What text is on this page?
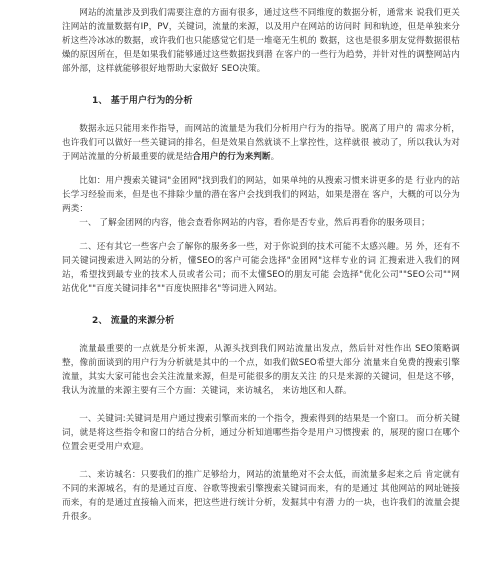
网站的流量涉及到我们需要注意的方面有很多，通过这些不同维度的数据分析，通常来 说我们更关注网站的流量数据有IP，PV，关键词，流量的来源，以及用户在网站的访问时 间和轨迹，但是单独来分析这些冷冰冰的数据，或许我们也只能感觉它们是一堆毫无生机的 数据，这也是很多朋友觉得数据很枯燥的原因所在，但是如果我们能够通过这些数据找到潜 在客户的一些行为趋势，并针对性的调整网站内部外部，这样就能够很好地帮助大家做好 SEO决策。

1、 基于用户行为的分析

数据永远只能用来作指导，而网站的流量是为我们分析用户行为的指导。脱离了用户的 需求分析，也许我们可以做好一些关键词的排名，但是效果自然就谈不上掌控性，这样就很 被动了，所以我认为对于网站流量的分析最重要的就是结合用户的行为来判断。

比如：用户搜索关键词"金团网"找到我们的网站，如果单纯的从搜索习惯来讲更多的是 行业内的站长学习经验而来，但是也不排除少量的潜在客户会找到我们的网站，如果是潜在 客户，大概的可以分为两类：

一、 了解金团网的内容，他会查看你网站的内容，看你是否专业，然后再看你的服务项目；

二、还有其它一些客户会了解你的服务多一些，对于你说到的技术可能不太感兴趣。另 外，还有不同关键词搜索进入网站的分析，懂SEO的客户可能会选择"金团网"这样专业的词 汇搜索进入我们的网站，希望找到最专业的技术人员或者公司；而不太懂SEO的朋友可能 会选择"优化公司""SEO公司""网站优化""百度关键词排名""百度快照排名"等词进入网站。

2、 流量的来源分析

流量最重要的一点就是分析来源，从源头找到我们网站流量出发点，然后针对性作出 SEO策略调整，像前面谈到的用户行为分析就是其中的一个点，如我们做SEO希望大部分 流量来自免费的搜索引擎流量，其实大家可能也会关注流量来源，但是可能很多的朋友关注 的只是来源的关键词，但是这不够，我认为流量的来源主要有三个方面：关键词，来访城名， 来访地区和人群。

一、关键词:关键词是用户通过搜索引擎而来的一个指令，搜索得到的结果是一个窗口。 而分析关键词，就是将这些指令和窗口的结合分析，通过分析知道哪些指令是用户习惯搜索 的，展现的窗口在哪个位置会更受用户欢迎。

二、来访城名：只要我们的推广足够给力，网站的流量绝对不会太低，而流量多起来之后 肯定就有不同的来源城名，有的是通过百度、谷歌等搜索引擎搜索关键词而来，有的是通过 其他网站的网址链接而来，有的是通过直接输入而来，把这些进行统计分析，发掘其中有潜 力的一块，也许我们的流量会提升很多。
